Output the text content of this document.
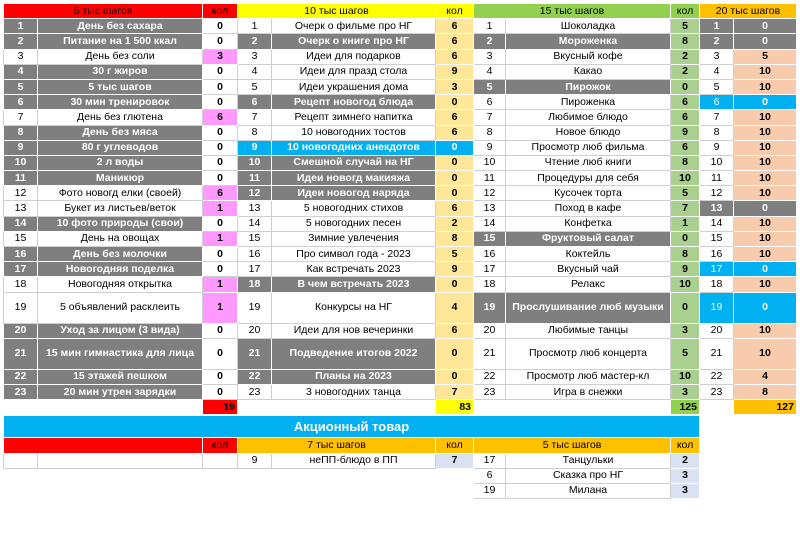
5 тыс шагов		кол	10 тыс шагов		кол	15 тыс шагов		кол	20 тыс шагов	
1	День без сахара	0	1	Очерк о фильме про НГ	6	1	Шоколадка	5	1	0
2	Питание на 1 500 ккал	0	2	Очерк о книге про НГ	6	2	Мороженка	8	2	0
3	День без соли	3	3	Идеи для подарков	6	3	Вкусный кофе	2	3	5
4	30 г жиров	0	4	Идеи для празд стола	9	4	Какао	2	4	10
5	5 тыс шагов	0	5	Идеи украшения дома	3	5	Пирожок	0	5	10
6	30 мин тренировок	0	6	Рецепт новогод блюда	0	6	Пироженка	6	6	0
7	День без глютена	6	7	Рецепт зимнего напитка	6	7	Любимое блюдо	6	7	10
8	День без мяса	0	8	10 новогодних тостов	6	8	Новое блюдо	9	8	10
9	80 г углеводов	0	9	10 новогодних анекдотов	0	9	Просмотр люб фильма	6	9	10
10	2 л воды	0	10	Смешной случай на НГ	0	10	Чтение люб книги	8	10	10
11	Маникюр	0	11	Идеи новогд макияжа	0	11	Процедуры для себя	10	11	10
12	Фото новогд елки (своей)	6	12	Идеи новогод наряда	0	12	Кусочек торта	5	12	10
13	Букет из листьев/веток	1	13	5 новогодних стихов	6	13	Поход в кафе	7	13	0
14	10 фото природы (свои)	0	14	5 новогодних песен	2	14	Конфетка	1	14	10
15	День на овощах	1	15	Зимние увлечения	8	15	Фруктовый салат	0	15	10
16	День без молочки	0	16	Про символ года - 2023	5	16	Коктейль	8	16	10
17	Новогодняя поделка	0	17	Как встречать 2023	9	17	Вкусный чай	9	17	0
18	Новогодняя открытка	1	18	В чем встречать 2023	0	18	Релакс	10	18	10
19	5 объявлений расклеить	1	19	Конкурсы на НГ	4	19	Прослушивание люб музыки	0	19	0
20	Уход за лицом (3 вида)	0	20	Идеи для нов вечеринки	6	20	Любимые танцы	3	20	10
21	15 мин гимнастика для лица	0	21	Подведение итогов 2022	0	21	Просмотр люб концерта	5	21	10
22	15 этажей пешком	0	22	Планы на 2023	0	22	Просмотр люб мастер-кл	10	22	4
23	20 мин утрен зарядки	0	23	3 новогодних танца	7	23	Игра в снежки	3	23	8
		19			83			125		127
Акционный товар									
		кол	7 тыс шагов		кол	5 тыс шагов		кол	
			9	неПП-блюдо в ПП	7	17	Танцульки	2	
						6	Сказка про НГ	3	
						19	Милана	3	
